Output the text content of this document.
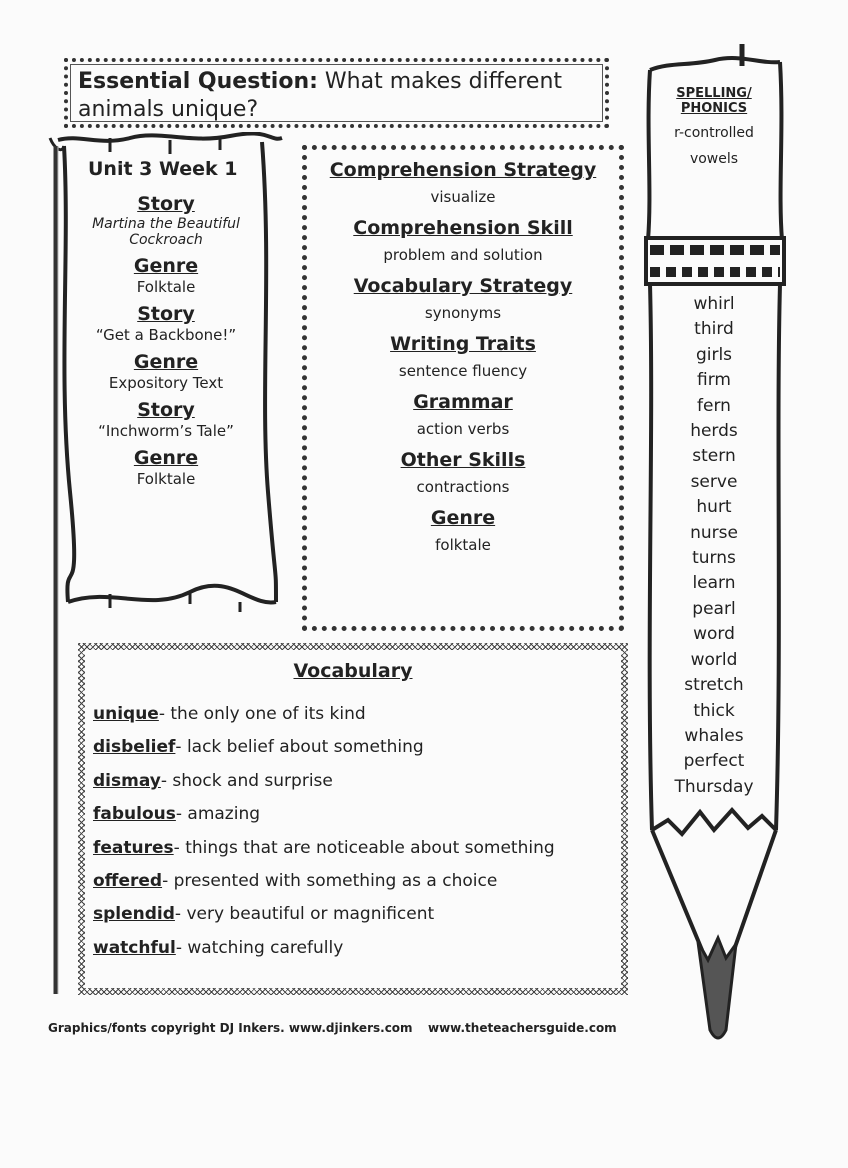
Essential Question: What makes different
animals unique?
Unit 3 Week 1
Story
Martina the Beautiful Cockroach
Genre
Folktale
Story
“Get a Backbone!”
Genre
Expository Text
Story
“Inchworm’s Tale”
Genre
Folktale
Comprehension Strategy
visualize
Comprehension Skill
problem and solution
Vocabulary Strategy
synonyms
Writing Traits
sentence fluency
Grammar
action verbs
Other Skills
contractions
Genre
folktale
SPELLING/
PHONICS
r-controlled
vowels
whirl
third
girls
firm
fern
herds
stern
serve
hurt
nurse
turns
learn
pearl
word
world
stretch
thick
whales
perfect
Thursday
Vocabulary
unique- the only one of its kind
disbelief- lack belief about something
dismay- shock and surprise
fabulous- amazing
features- things that are noticeable about something
offered- presented with something as a choice
splendid- very beautiful or magnificent
watchful- watching carefully
Graphics/fonts copyright DJ Inkers. www.djinkers.com www.theteachersguide.com
